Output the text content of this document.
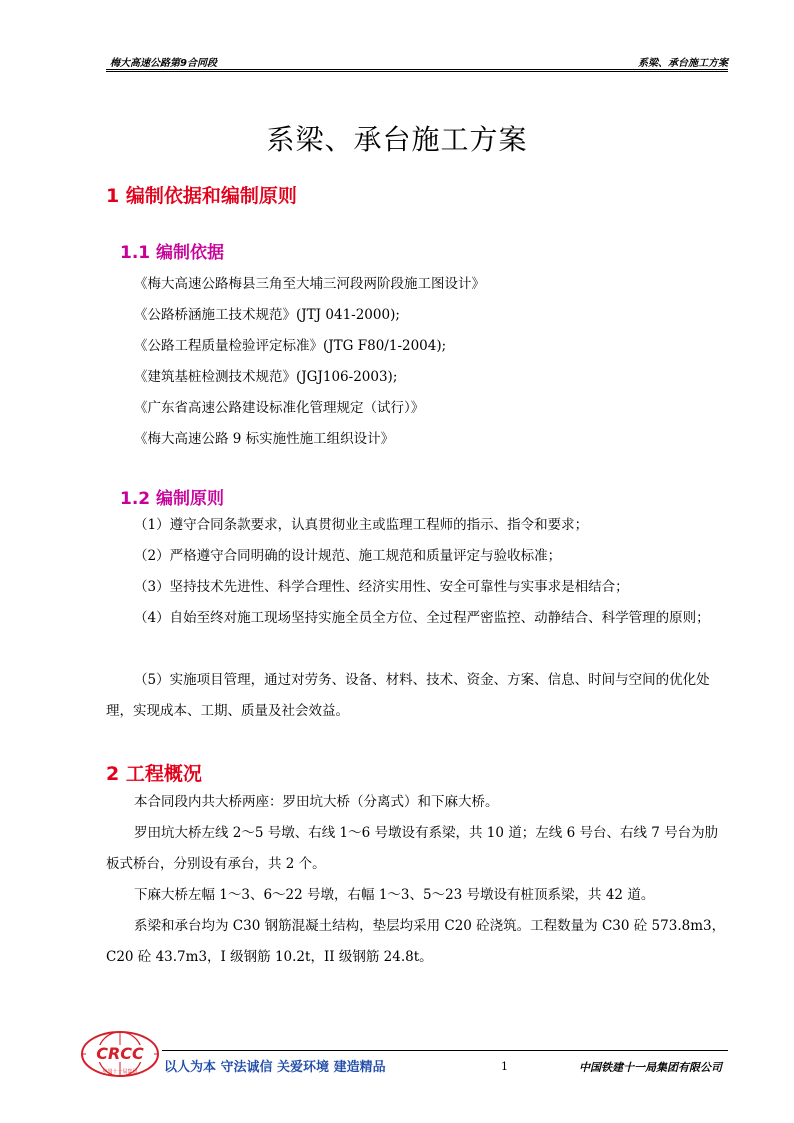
梅大高速公路第9合同段	系梁、承台施工方案
系梁、承台施工方案
1 编制依据和编制原则
1.1 编制依据
《梅大高速公路梅县三角至大埔三河段两阶段施工图设计》
《公路桥涵施工技术规范》(JTJ 041-2000);
《公路工程质量检验评定标准》(JTG F80/1-2004);
《建筑基桩检测技术规范》(JGJ106-2003);
《广东省高速公路建设标准化管理规定（试行）》
《梅大高速公路 9 标实施性施工组织设计》
1.2 编制原则
（1）遵守合同条款要求，认真贯彻业主或监理工程师的指示、指令和要求；
（2）严格遵守合同明确的设计规范、施工规范和质量评定与验收标准；
（3）坚持技术先进性、科学合理性、经济实用性、安全可靠性与实事求是相结合；
（4）自始至终对施工现场坚持实施全员全方位、全过程严密监控、动静结合、科学管理的原则；
（5）实施项目管理，通过对劳务、设备、材料、技术、资金、方案、信息、时间与空间的优化处理，实现成本、工期、质量及社会效益。
2 工程概况
本合同段内共大桥两座：罗田坑大桥（分离式）和下麻大桥。
罗田坑大桥左线 2～5 号墩、右线 1～6 号墩设有系梁，共 10 道；左线 6 号台、右线 7 号台为肋板式桥台，分别设有承台，共 2 个。
下麻大桥左幅 1～3、6～22 号墩，右幅 1～3、5～23 号墩设有桩顶系梁，共 42 道。
系梁和承台均为 C30 钢筋混凝土结构，垫层均采用 C20 砼浇筑。工程数量为 C30 砼 573.8m3，C20 砼 43.7m3，I 级钢筋 10.2t，II 级钢筋 24.8t。
CRCC
中国十一局集团 以人为本 守法诚信 关爱环境 建造精品	1	中国铁建十一局集团有限公司
